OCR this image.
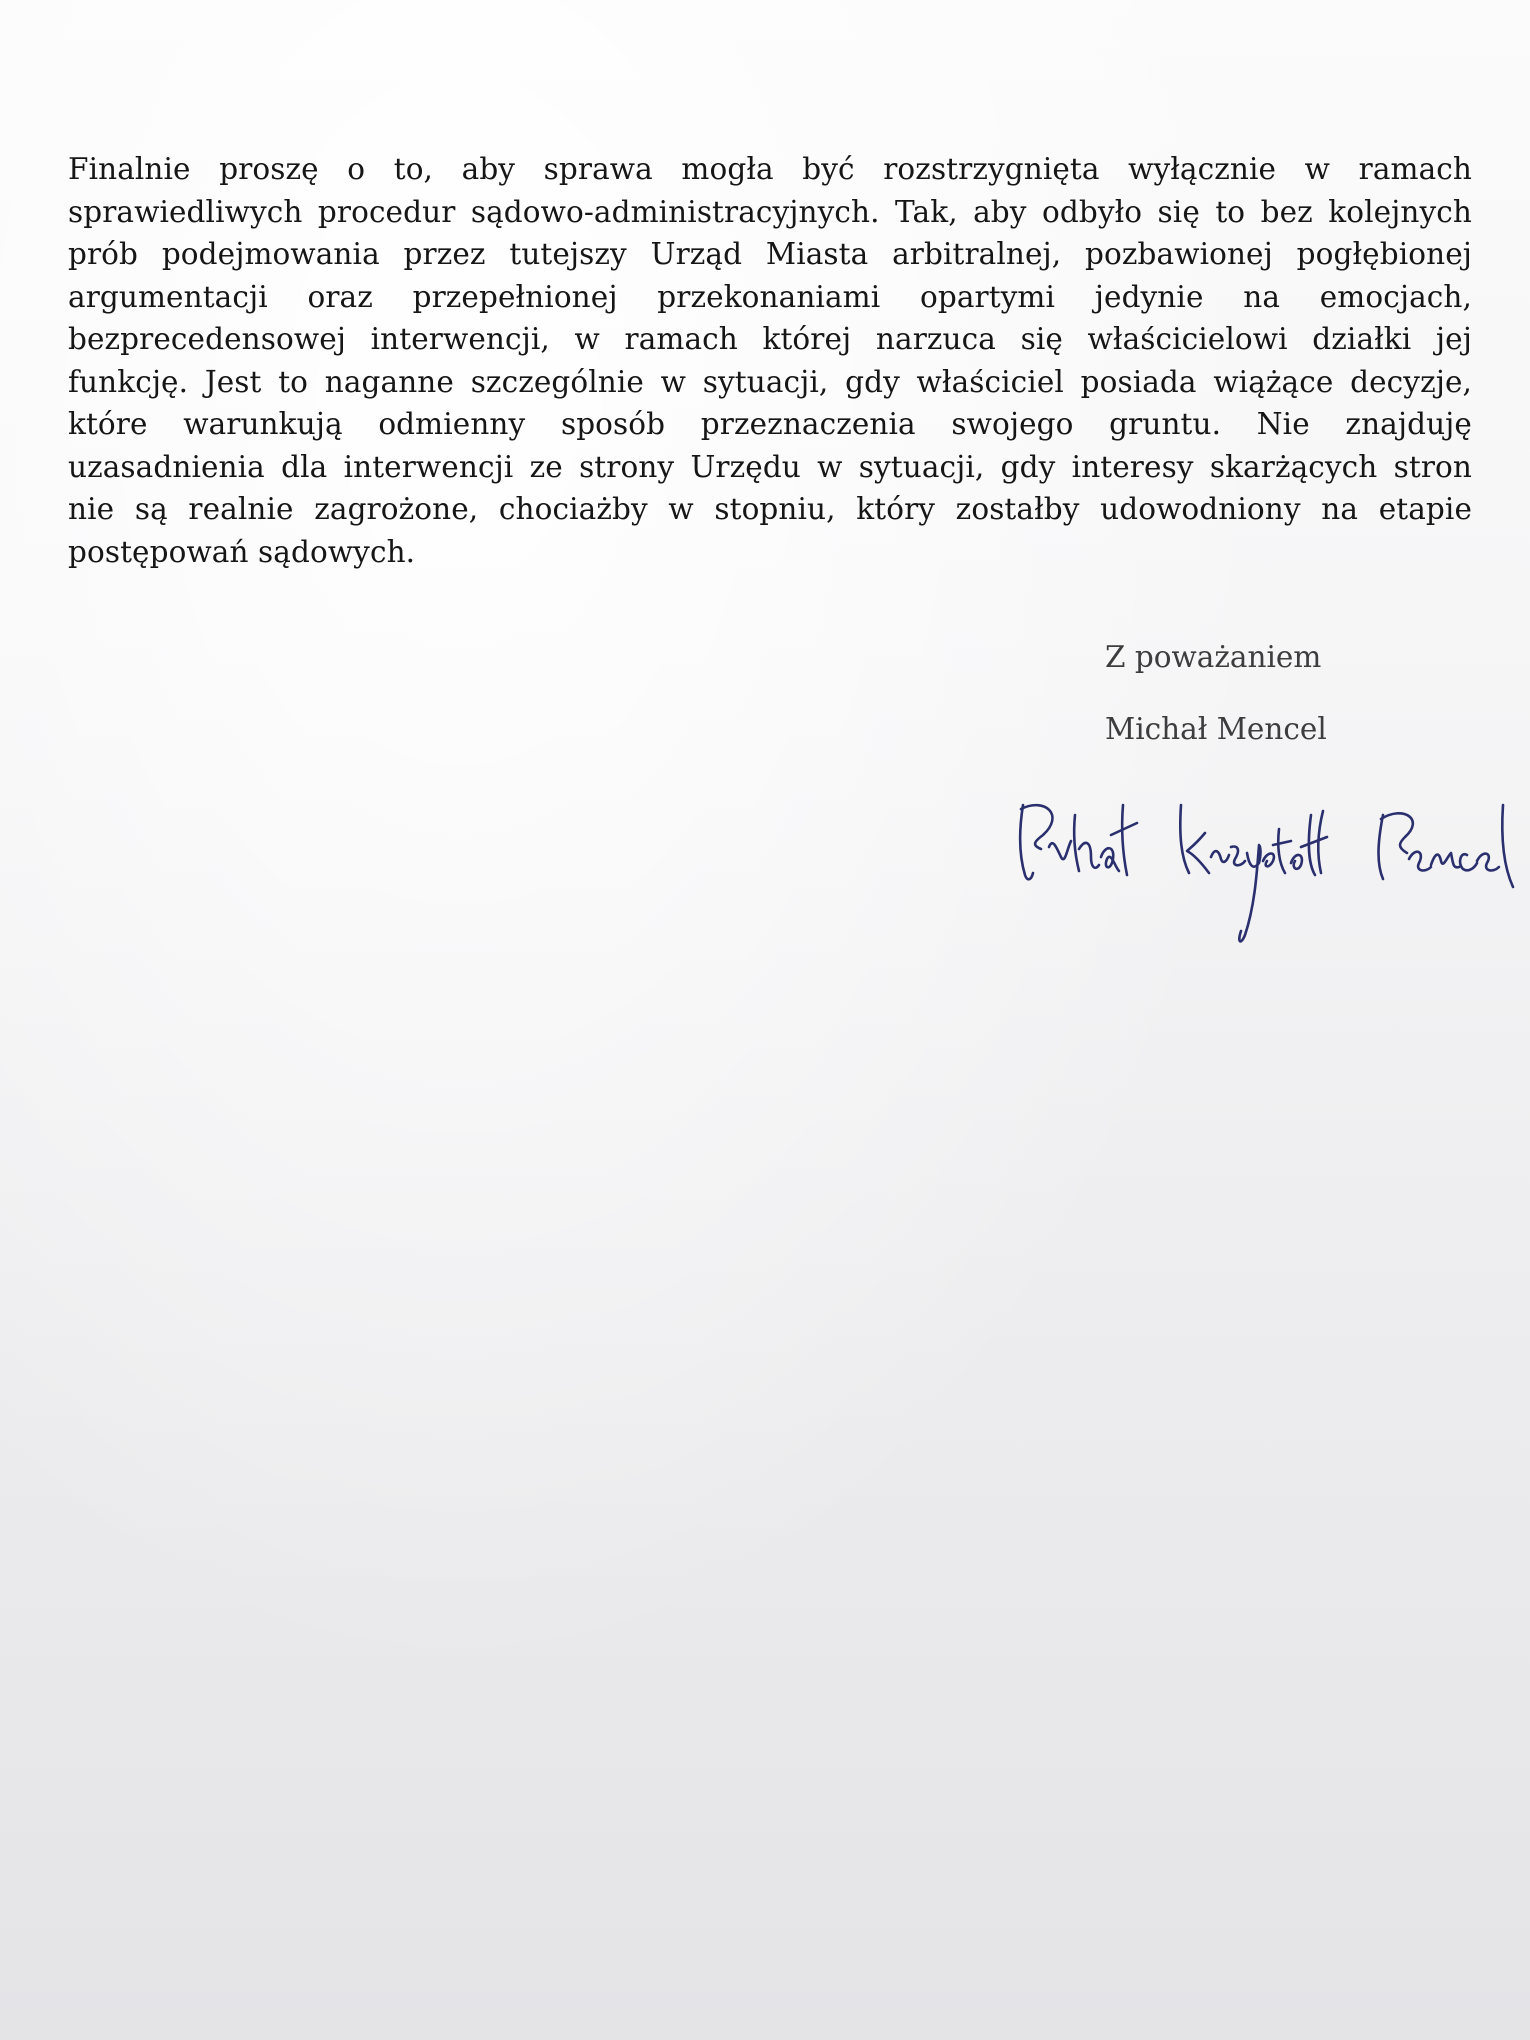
Finalnie proszę o to, aby sprawa mogła być rozstrzygnięta wyłącznie w ramach
sprawiedliwych procedur sądowo-administracyjnych. Tak, aby odbyło się to bez kolejnych
prób podejmowania przez tutejszy Urząd Miasta arbitralnej, pozbawionej pogłębionej
argumentacji oraz przepełnionej przekonaniami opartymi jedynie na emocjach,
bezprecedensowej interwencji, w ramach której narzuca się właścicielowi działki jej
funkcję. Jest to naganne szczególnie w sytuacji, gdy właściciel posiada wiążące decyzje,
które warunkują odmienny sposób przeznaczenia swojego gruntu. Nie znajduję
uzasadnienia dla interwencji ze strony Urzędu w sytuacji, gdy interesy skarżących stron
nie są realnie zagrożone, chociażby w stopniu, który zostałby udowodniony na etapie
postępowań sądowych.
Z poważaniem
Michał Mencel
